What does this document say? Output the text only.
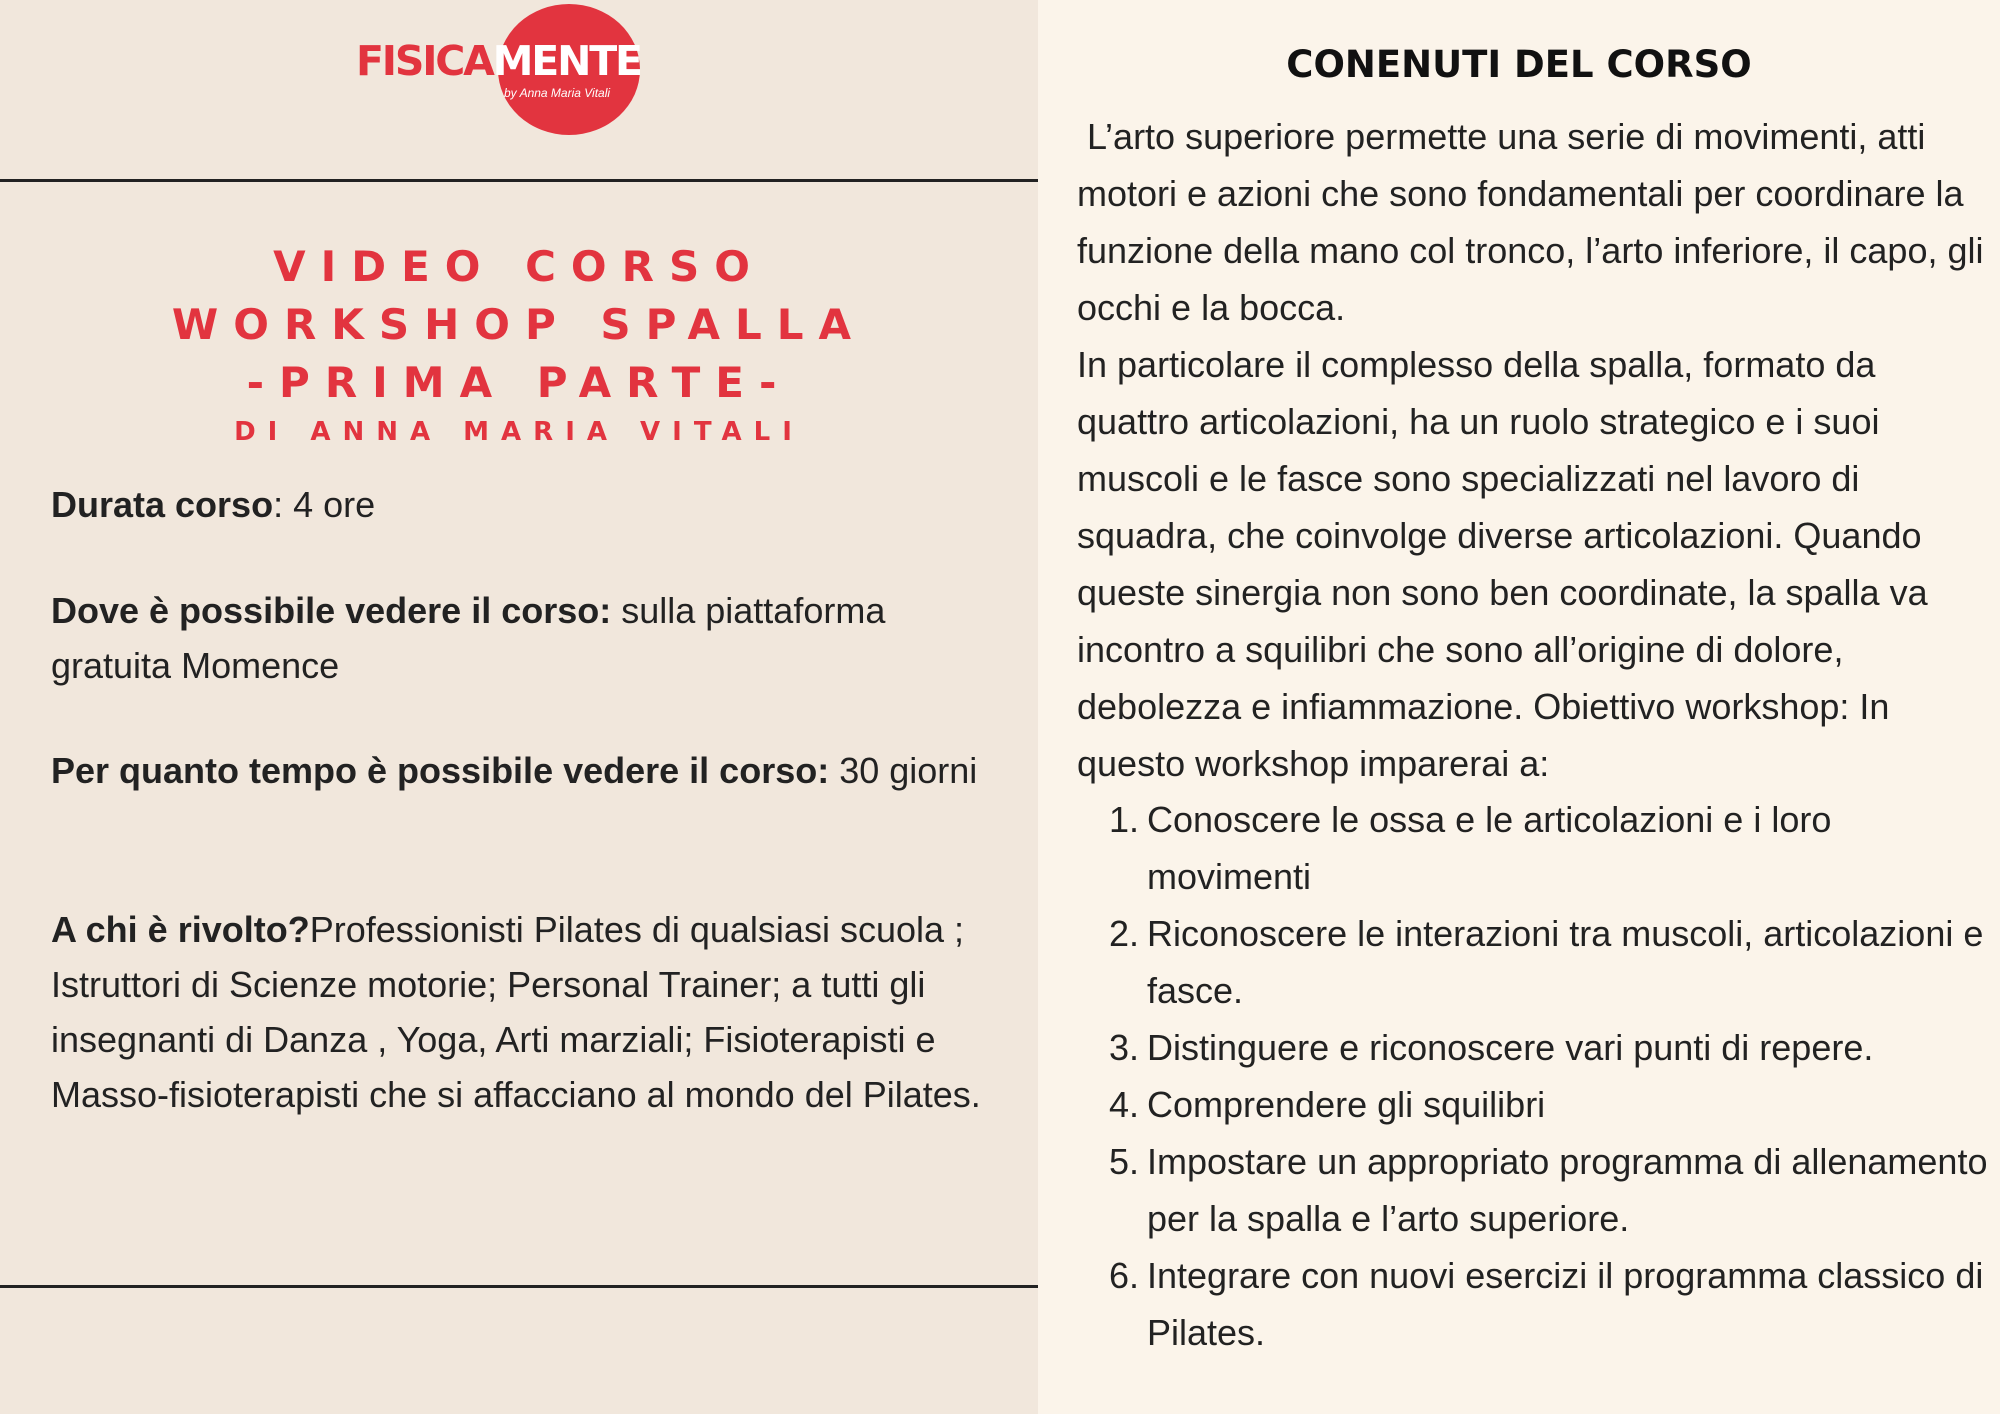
FISICAMENTE
by Anna Maria Vitali
VIDEO CORSO
WORKSHOP SPALLA
-PRIMA PARTE-
DI ANNA MARIA VITALI
Durata corso: 4 ore
Dove è possibile vedere il corso: sulla piattaforma gratuita Momence
Per quanto tempo è possibile vedere il corso: 30 giorni
A chi è rivolto?Professionisti Pilates di qualsiasi scuola ; Istruttori di Scienze motorie; Personal Trainer; a tutti gli insegnanti di Danza , Yoga, Arti marziali; Fisioterapisti e Masso-fisioterapisti che si affacciano al mondo del Pilates.
CONENUTI DEL CORSO

L’arto superiore permette una serie di movimenti, atti motori e azioni che sono fondamentali per coordinare la funzione della mano col tronco, l’arto inferiore, il capo, gli occhi e la bocca.

In particolare il complesso della spalla, formato da quattro articolazioni, ha un ruolo strategico e i suoi muscoli e le fasce sono specializzati nel lavoro di squadra, che coinvolge diverse articolazioni. Quando queste sinergia non sono ben coordinate, la spalla va incontro a squilibri che sono all’origine di dolore, debolezza e infiammazione. Obiettivo workshop: In questo workshop imparerai a:

1. Conoscere le ossa e le articolazioni e i loro movimenti
2. Riconoscere le interazioni tra muscoli, articolazioni e fasce.
3. Distinguere e riconoscere vari punti di repere.
4. Comprendere gli squilibri
5. Impostare un appropriato programma di allenamento per la spalla e l’arto superiore.
6. Integrare con nuovi esercizi il programma classico di Pilates.
